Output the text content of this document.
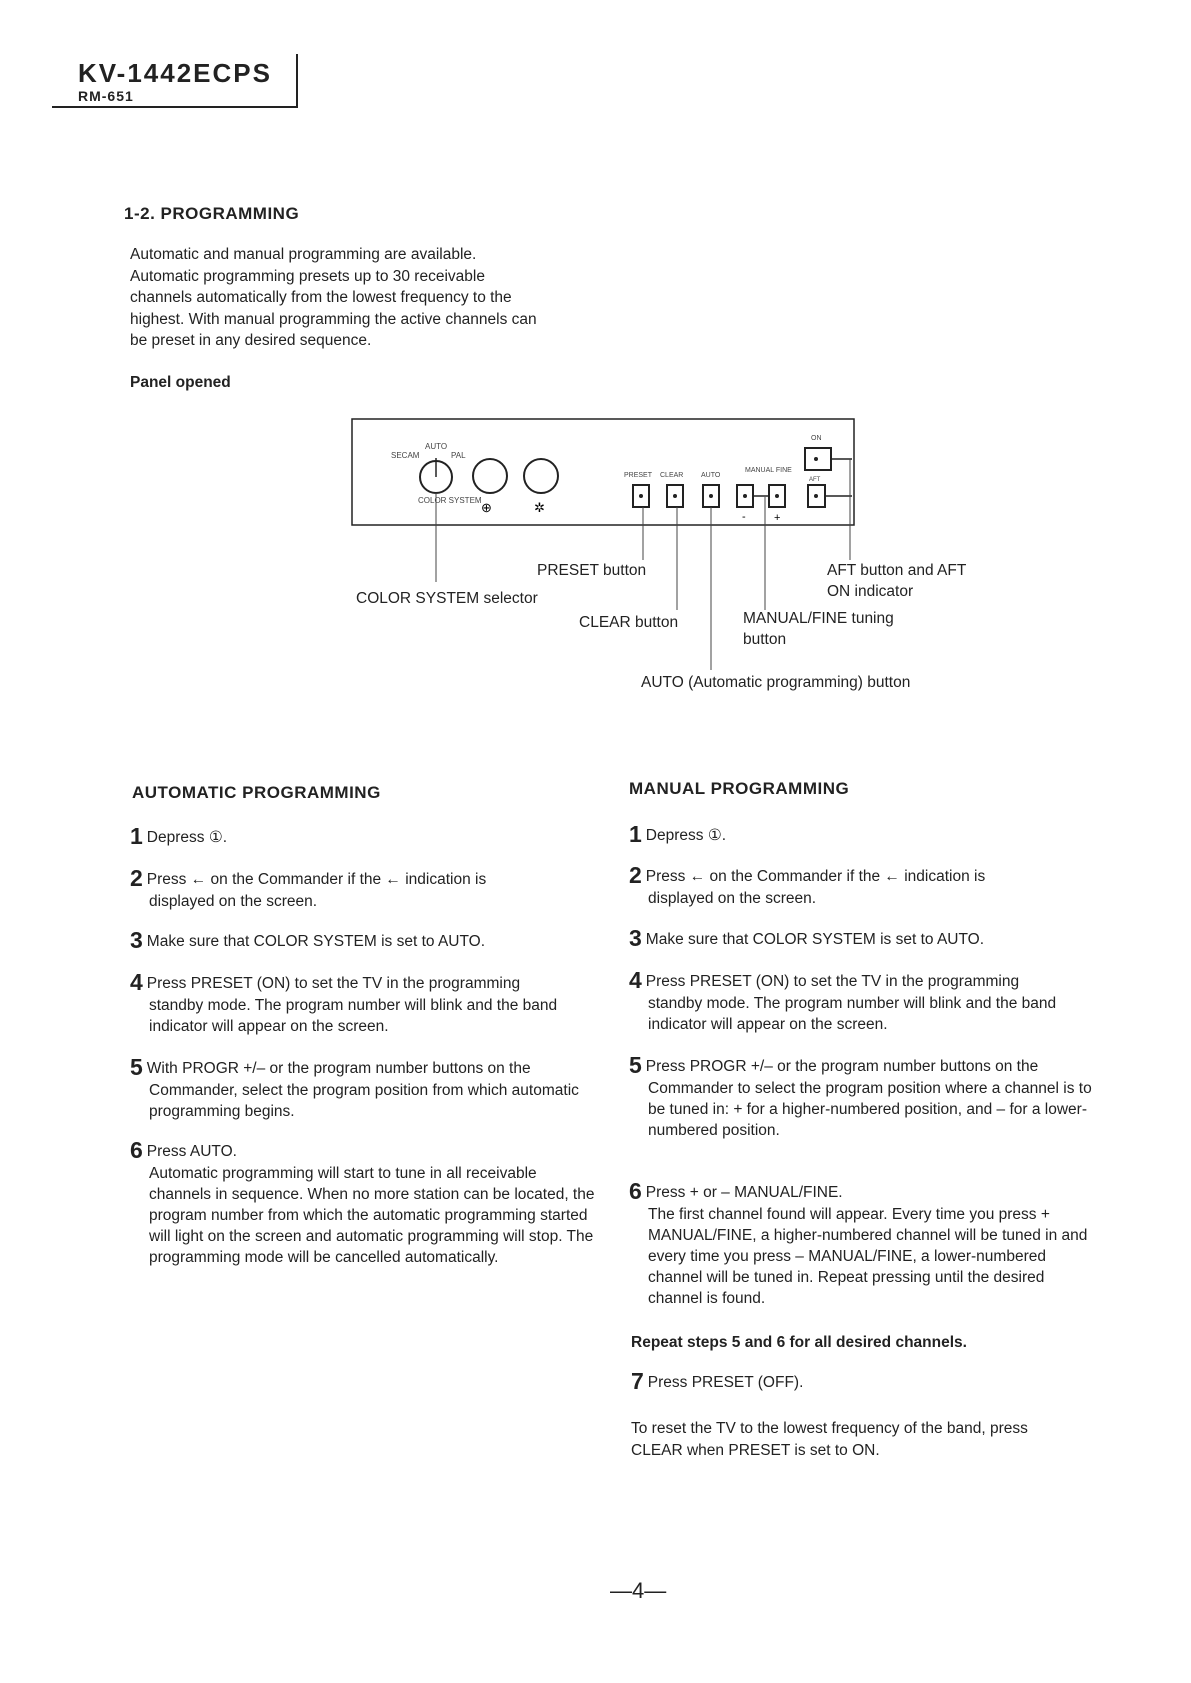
KV-1442ECPS
RM-651
1-2. PROGRAMMING
Automatic and manual programming are available.
Automatic programming presets up to 30 receivable
channels automatically from the lowest frequency to the
highest. With manual programming the active channels can
be preset in any desired sequence.
Panel opened
SECAM
AUTO
PAL
COLOR SYSTEM ⊕	✲
PRESET CLEAR	AUTO
MANUAL FINE
ON
AFT
-	+
PRESET button
COLOR SYSTEM selector
CLEAR button
AFT button and AFT
ON indicator
MANUAL/FINE tuning
button
AUTO (Automatic programming) button
AUTOMATIC PROGRAMMING
1 Depress ①.
2 Press ← on the Commander if the ← indication is
displayed on the screen.
3 Make sure that COLOR SYSTEM is set to AUTO.
4 Press PRESET (ON) to set the TV in the programming
standby mode. The program number will blink and the band indicator will appear on the screen.
5 With PROGR +/– or the program number buttons on the
Commander, select the program position from which automatic programming begins.
6 Press AUTO.
Automatic programming will start to tune in all receivable channels in sequence. When no more station can be located, the program number from which the automatic programming started will light on the screen and automatic programming will stop. The programming mode will be cancelled automatically.
MANUAL PROGRAMMING
1 Depress ①.
2 Press ← on the Commander if the ← indication is
displayed on the screen.
3 Make sure that COLOR SYSTEM is set to AUTO.
4 Press PRESET (ON) to set the TV in the programming
standby mode. The program number will blink and the band indicator will appear on the screen.
5 Press PROGR +/– or the program number buttons on the
Commander to select the program position where a channel is to be tuned in: + for a higher-numbered position, and – for a lower-numbered position.
6 Press + or – MANUAL/FINE.
The first channel found will appear. Every time you press + MANUAL/FINE, a higher-numbered channel will be tuned in and every time you press – MANUAL/FINE, a lower-numbered channel will be tuned in. Repeat pressing until the desired channel is found.
Repeat steps 5 and 6 for all desired channels.
7 Press PRESET (OFF).
To reset the TV to the lowest frequency of the band, press
CLEAR when PRESET is set to ON.
—4—
